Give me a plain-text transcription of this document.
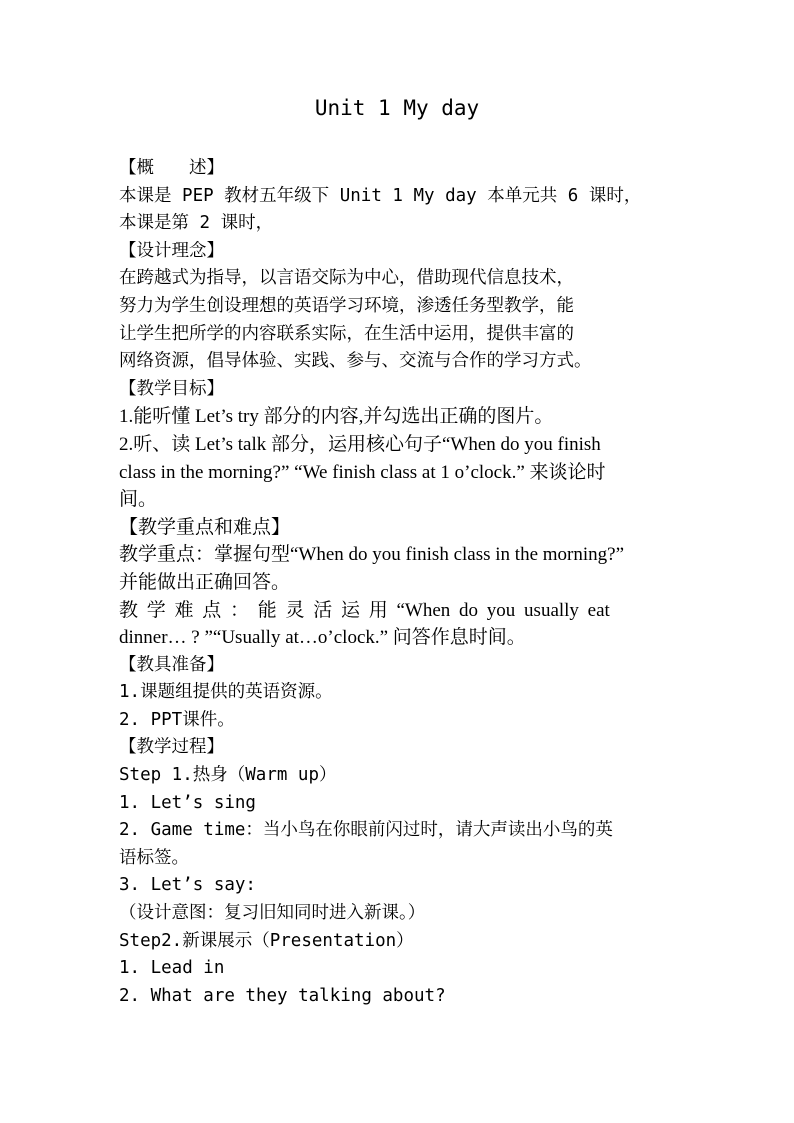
Unit 1 My day
【概　　述】
本课是 PEP 教材五年级下 Unit 1 My day 本单元共 6 课时，
本课是第 2 课时，
【设计理念】
在跨越式为指导，以言语交际为中心，借助现代信息技术，
努力为学生创设理想的英语学习环境，渗透任务型教学，能
让学生把所学的内容联系实际，在生活中运用，提供丰富的
网络资源，倡导体验、实践、参与、交流与合作的学习方式。
【教学目标】
1.能听懂 Let’s try 部分的内容,并勾选出正确的图片。
2.听、读 Let’s talk 部分，运用核心句子“When do you finish
class in the morning?” “We finish class at 1 o’clock.” 来谈论时
间。
【教学重点和难点】
教学重点：掌握句型“When do you finish class in the morning?”
并能做出正确回答。
教 学 难 点 ： 能 灵 活 运 用 “When do you usually eat
dinner… ? ”“Usually at…o’clock.” 问答作息时间。
【教具准备】
1.课题组提供的英语资源。
2. PPT课件。
【教学过程】
Step 1.热身（Warm up）
1. Let’s sing
2. Game time：当小鸟在你眼前闪过时，请大声读出小鸟的英
语标签。
3. Let’s say:
（设计意图：复习旧知同时进入新课。）
Step2.新课展示（Presentation）
1. Lead in
2. What are they talking about?
